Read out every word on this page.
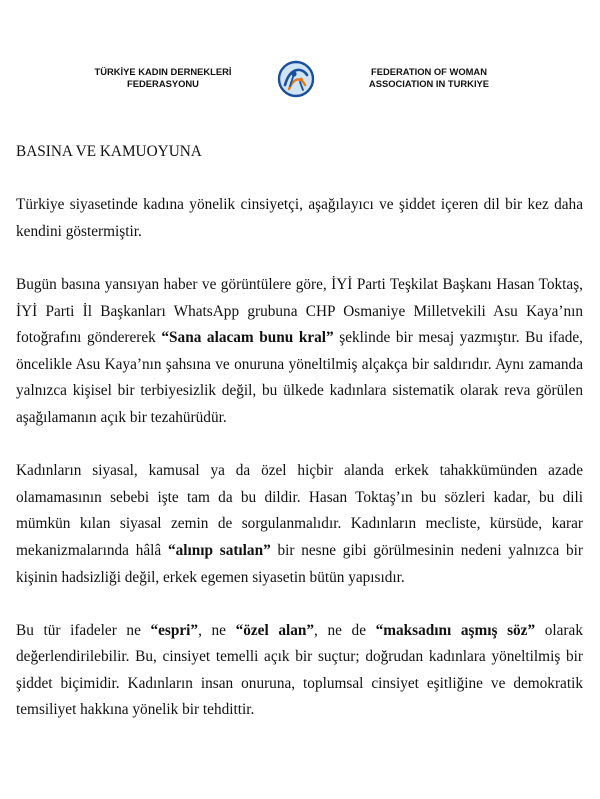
TÜRKİYE KADIN DERNEKLERİ
FEDERASYONU
FEDERATION OF WOMAN
ASSOCIATION IN TURKIYE

BASINA VE KAMUOYUNA

Türkiye siyasetinde kadına yönelik cinsiyetçi, aşağılayıcı ve şiddet içeren dil bir kez daha kendini göstermiştir.

Bugün basına yansıyan haber ve görüntülere göre, İYİ Parti Teşkilat Başkanı Hasan Toktaş, İYİ Parti İl Başkanları WhatsApp grubuna CHP Osmaniye Milletvekili Asu Kaya’nın fotoğrafını göndererek “Sana alacam bunu kral” şeklinde bir mesaj yazmıştır. Bu ifade, öncelikle Asu Kaya’nın şahsına ve onuruna yöneltilmiş alçakça bir saldırıdır. Aynı zamanda yalnızca kişisel bir terbiyesizlik değil, bu ülkede kadınlara sistematik olarak reva görülen aşağılamanın açık bir tezahürüdür.

Kadınların siyasal, kamusal ya da özel hiçbir alanda erkek tahakkümünden azade olamamasının sebebi işte tam da bu dildir. Hasan Toktaş’ın bu sözleri kadar, bu dili mümkün kılan siyasal zemin de sorgulanmalıdır. Kadınların mecliste, kürsüde, karar mekanizmalarında hâlâ “alınıp satılan” bir nesne gibi görülmesinin nedeni yalnızca bir kişinin hadsizliği değil, erkek egemen siyasetin bütün yapısıdır.

Bu tür ifadeler ne “espri”, ne “özel alan”, ne de “maksadını aşmış söz” olarak değerlendirilebilir. Bu, cinsiyet temelli açık bir suçtur; doğrudan kadınlara yöneltilmiş bir şiddet biçimidir. Kadınların insan onuruna, toplumsal cinsiyet eşitliğine ve demokratik temsiliyet hakkına yönelik bir tehdittir.
